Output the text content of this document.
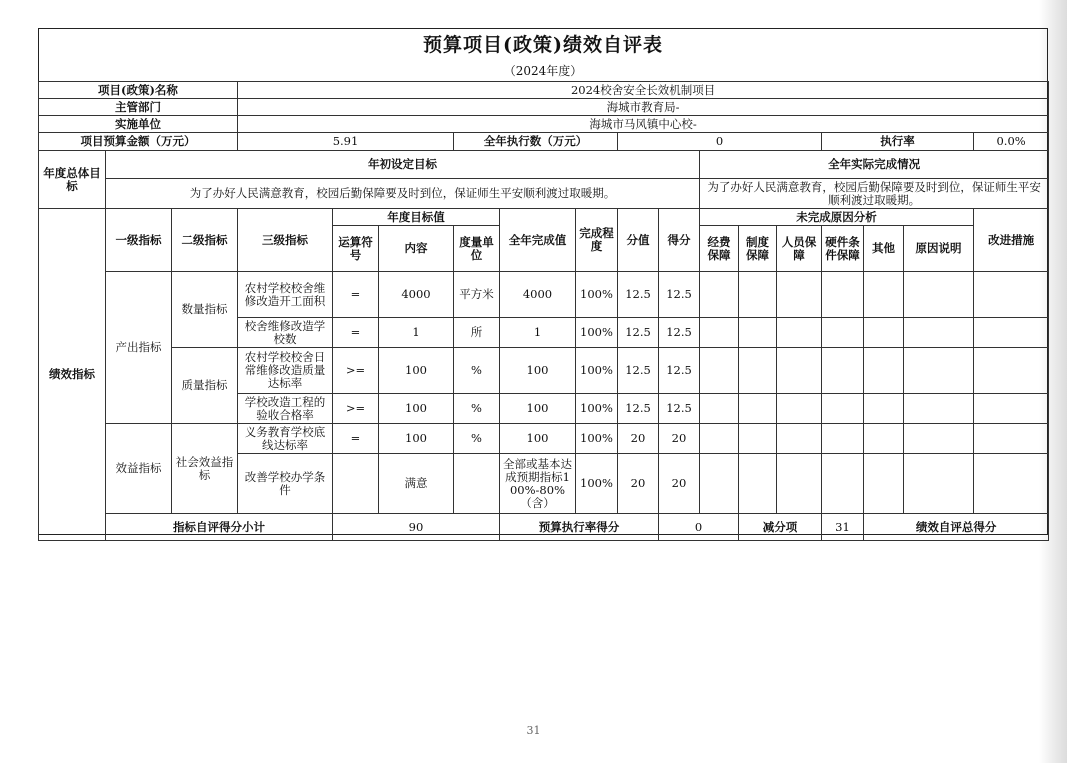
预算项目(政策)绩效自评表
（2024年度）
项目(政策)名称			2024校舍安全长效机制项目															
主管部门			海城市教育局-															
实施单位			海城市马风镇中心校-															
项目预算金额（万元）			5.91			全年执行数（万元）			0					执行率			0.0%	
年度总体目标	年初设定目标										全年实际完成情况							
	为了办好人民满意教育，校园后勤保障要及时到位，保证师生平安顺利渡过取暖期。										为了办好人民满意教育，校园后勤保障要及时到位，保证师生平安顺利渡过取暖期。							
绩效指标	一级指标	二级指标	三级指标	年度目标值			全年完成值	完成程度	分值	得分	未完成原因分析						改进措施	
				运算符号	内容	度量单位					经费保障	制度保障	人员保障	硬件条件保障	其他	原因说明		
	产出指标	数量指标	农村学校校舍维修改造开工面积	=	4000	平方米	4000	100%	12.5	12.5								
			校舍维修改造学校数	=	1	所	1	100%	12.5	12.5								
		质量指标	农村学校校舍日常维修改造质量达标率	>=	100	%	100	100%	12.5	12.5								
			学校改造工程的验收合格率	>=	100	%	100	100%	12.5	12.5								
	效益指标	社会效益指标	义务教育学校底线达标率	=	100	%	100	100%	20	20								
			改善学校办学条件		满意		全部或基本达成预期指标100%-80%（含）	100%	20	20								
	指标自评得分小计			90			预算执行率得分			0		减分项		31	绩效自评总得分	
31
